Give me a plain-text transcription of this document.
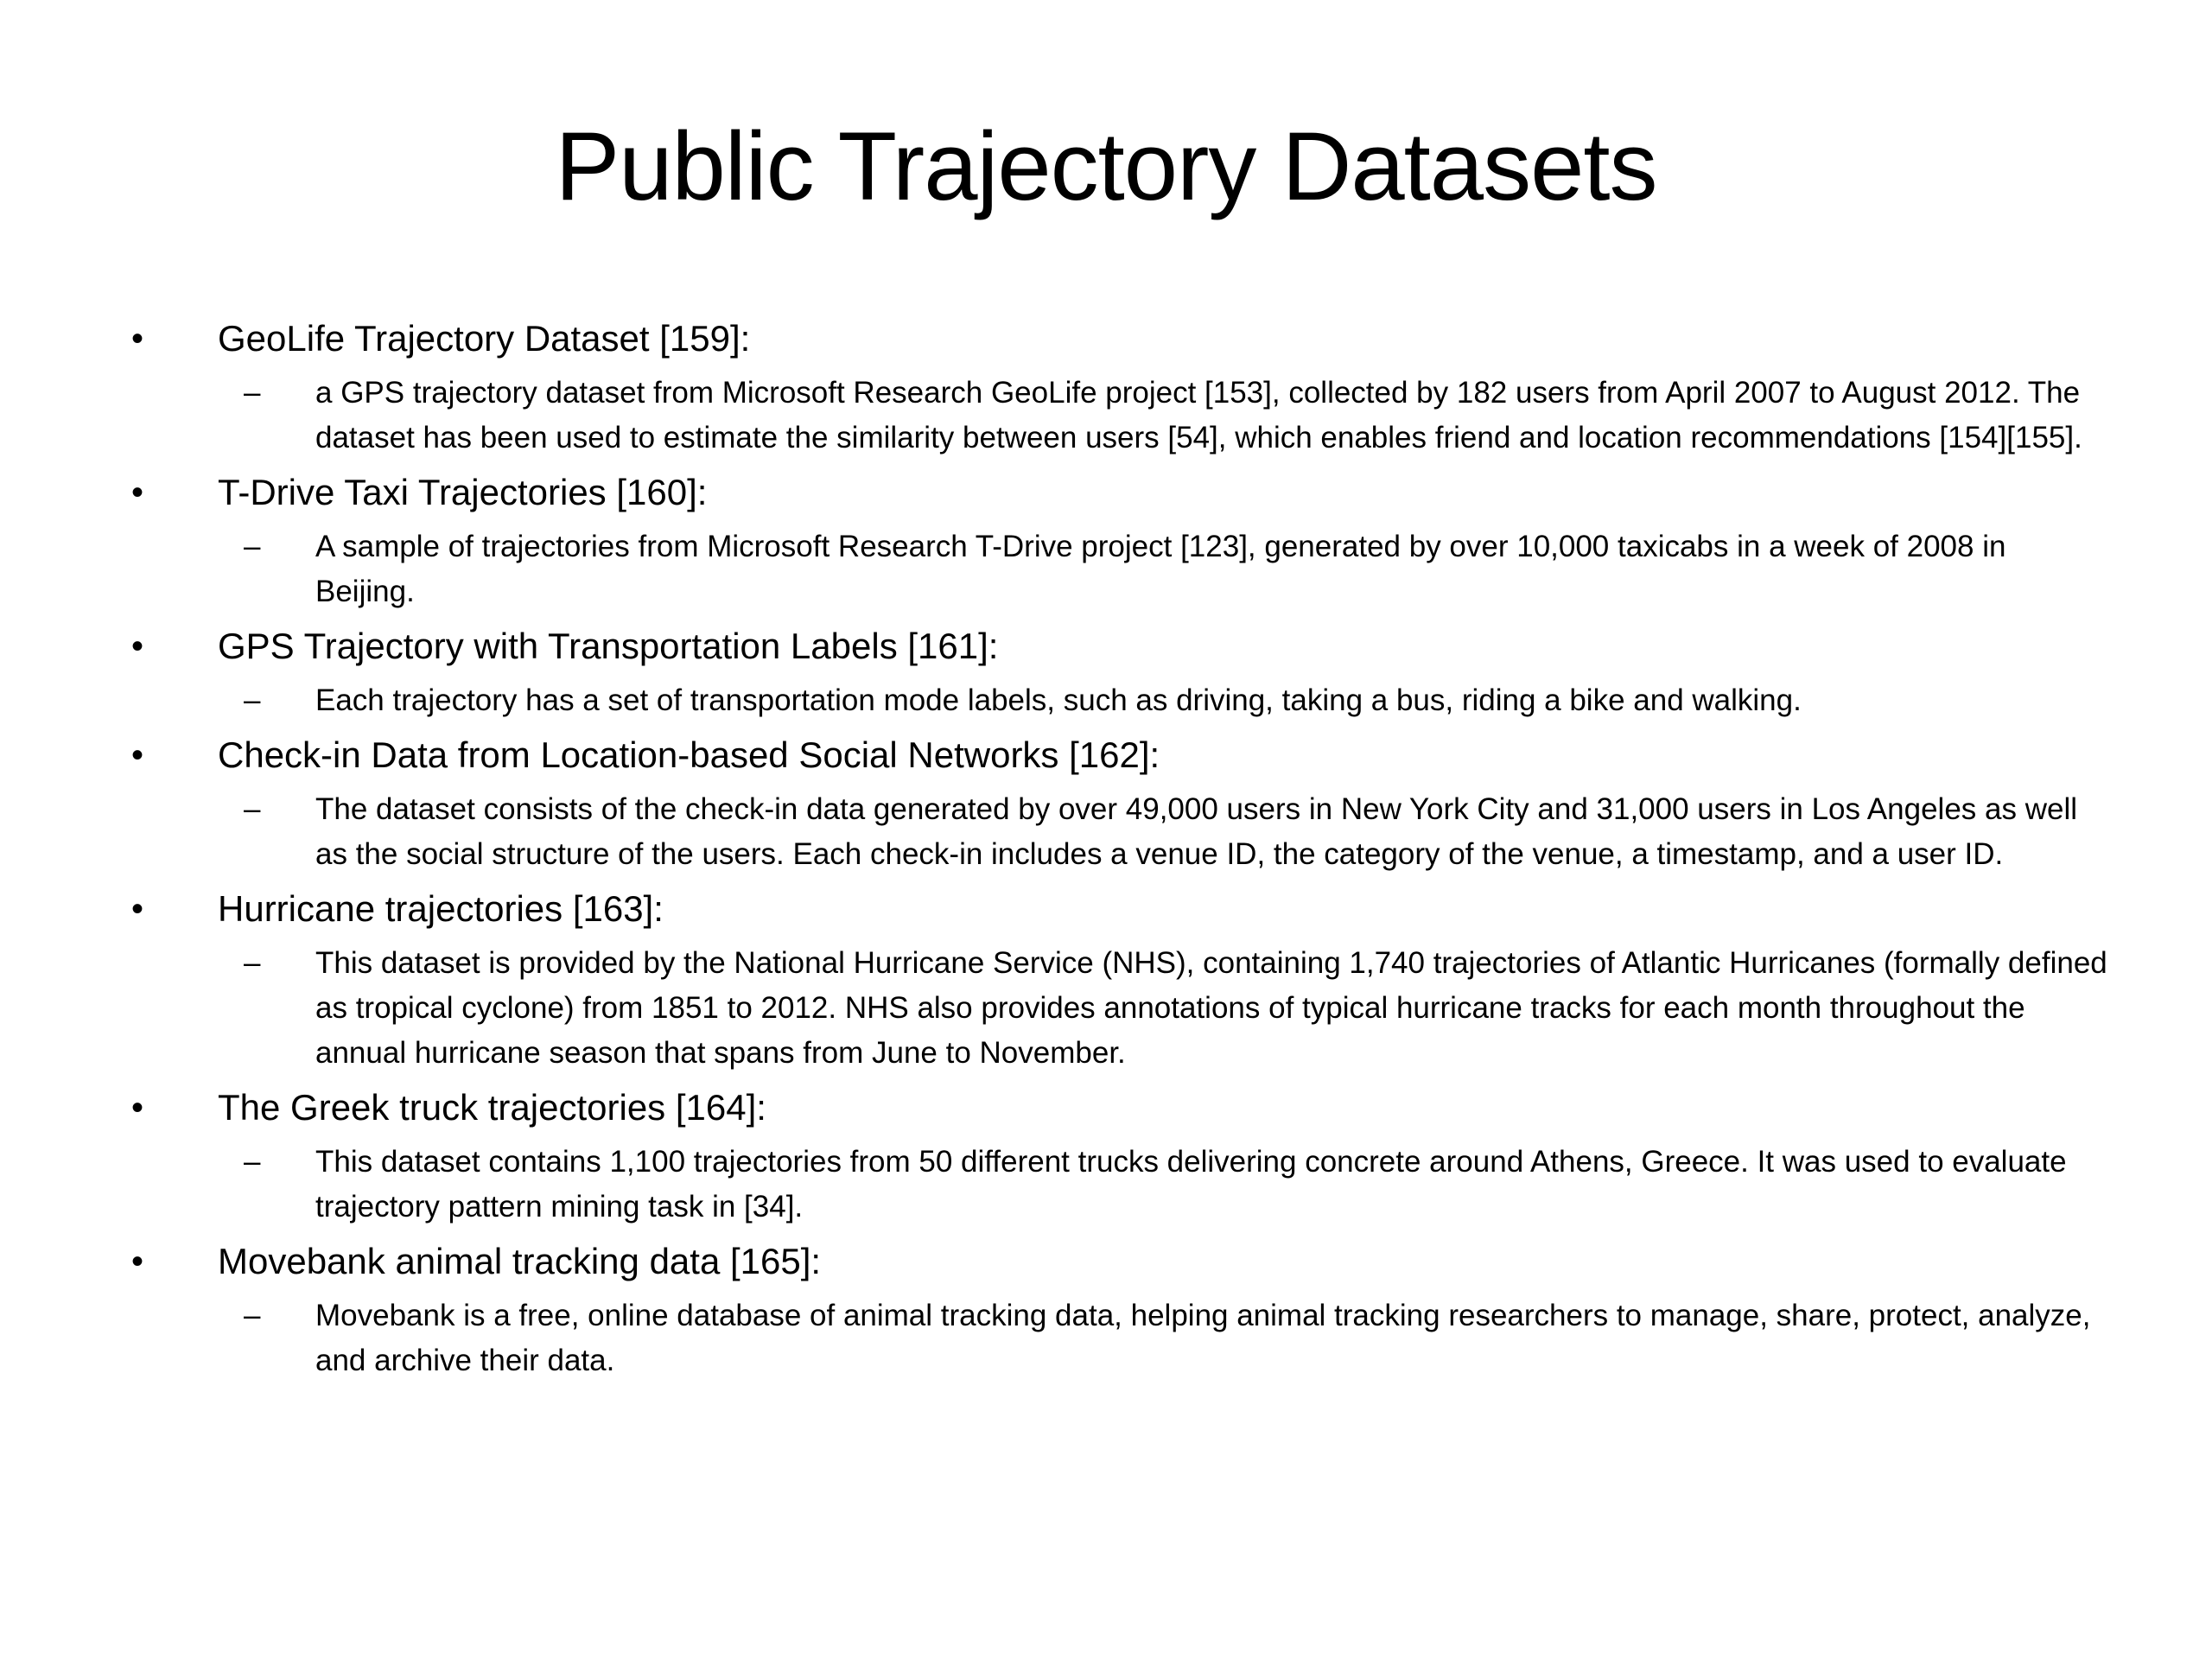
Public Trajectory Datasets
• GeoLife Trajectory Dataset [159]:
– a GPS trajectory dataset from Microsoft Research GeoLife project [153], collected by 182 users from April 2007 to August 2012. The dataset has been used to estimate the similarity between users [54], which enables friend and location recommendations [154][155].
• T-Drive Taxi Trajectories [160]:
– A sample of trajectories from Microsoft Research T-Drive project [123], generated by over 10,000 taxicabs in a week of 2008 in Beijing.
• GPS Trajectory with Transportation Labels [161]:
– Each trajectory has a set of transportation mode labels, such as driving, taking a bus, riding a bike and walking.
• Check-in Data from Location-based Social Networks [162]:
– The dataset consists of the check-in data generated by over 49,000 users in New York City and 31,000 users in Los Angeles as well as the social structure of the users. Each check-in includes a venue ID, the category of the venue, a timestamp, and a user ID.
• Hurricane trajectories [163]:
– This dataset is provided by the National Hurricane Service (NHS), containing 1,740 trajectories of Atlantic Hurricanes (formally defined as tropical cyclone) from 1851 to 2012. NHS also provides annotations of typical hurricane tracks for each month throughout the annual hurricane season that spans from June to November.
• The Greek truck trajectories [164]:
– This dataset contains 1,100 trajectories from 50 different trucks delivering concrete around Athens, Greece. It was used to evaluate trajectory pattern mining task in [34].
• Movebank animal tracking data [165]:
– Movebank is a free, online database of animal tracking data, helping animal tracking researchers to manage, share, protect, analyze, and archive their data.
